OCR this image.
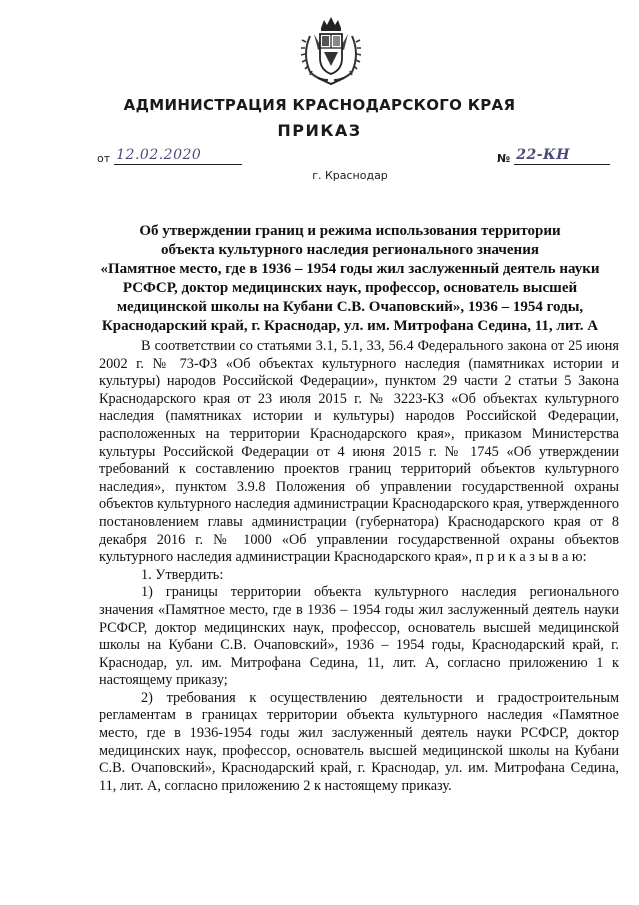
АДМИНИСТРАЦИЯ КРАСНОДАРСКОГО КРАЯ
ПРИКАЗ
от 12.02.2020	№ 22-КН
г. Краснодар
Об утверждении границ и режима использования территории
объекта культурного наследия регионального значения
«Памятное место, где в 1936 – 1954 годы жил заслуженный деятель науки
РСФСР, доктор медицинских наук, профессор, основатель высшей
медицинской школы на Кубани С.В. Очаповский», 1936 – 1954 годы,
Краснодарский край, г. Краснодар, ул. им. Митрофана Седина, 11, лит. А

В соответствии со статьями 3.1, 5.1, 33, 56.4 Федерального закона от 25 июня 2002 г. № 73-ФЗ «Об объектах культурного наследия (памятниках истории и культуры) народов Российской Федерации», пунктом 29 части 2 статьи 5 Закона Краснодарского края от 23 июля 2015 г. № 3223-КЗ «Об объектах культурного наследия (памятниках истории и культуры) народов Российской Федерации, расположенных на территории Краснодарского края», приказом Министерства культуры Российской Федерации от 4 июня 2015 г. № 1745 «Об утверждении требований к составлению проектов границ территорий объектов культурного наследия», пунктом 3.9.8 Положения об управлении государственной охраны объектов культурного наследия администрации Краснодарского края, утвержденного постановлением главы администрации (губернатора) Краснодарского края от 8 декабря 2016 г. № 1000 «Об управлении государственной охраны объектов культурного наследия администрации Краснодарского края», п р и к а з ы в а ю:

1. Утвердить:

1) границы территории объекта культурного наследия регионального значения «Памятное место, где в 1936 – 1954 годы жил заслуженный деятель науки РСФСР, доктор медицинских наук, профессор, основатель высшей медицинской школы на Кубани С.В. Очаповский», 1936 – 1954 годы, Краснодарский край, г. Краснодар, ул. им. Митрофана Седина, 11, лит. А, согласно приложению 1 к настоящему приказу;

2) требования к осуществлению деятельности и градостроительным регламентам в границах территории объекта культурного наследия «Памятное место, где в 1936-1954 годы жил заслуженный деятель науки РСФСР, доктор медицинских наук, профессор, основатель высшей медицинской школы на Кубани С.В. Очаповский», Краснодарский край, г. Краснодар, ул. им. Митрофана Седина, 11, лит. А, согласно приложению 2 к настоящему приказу.
